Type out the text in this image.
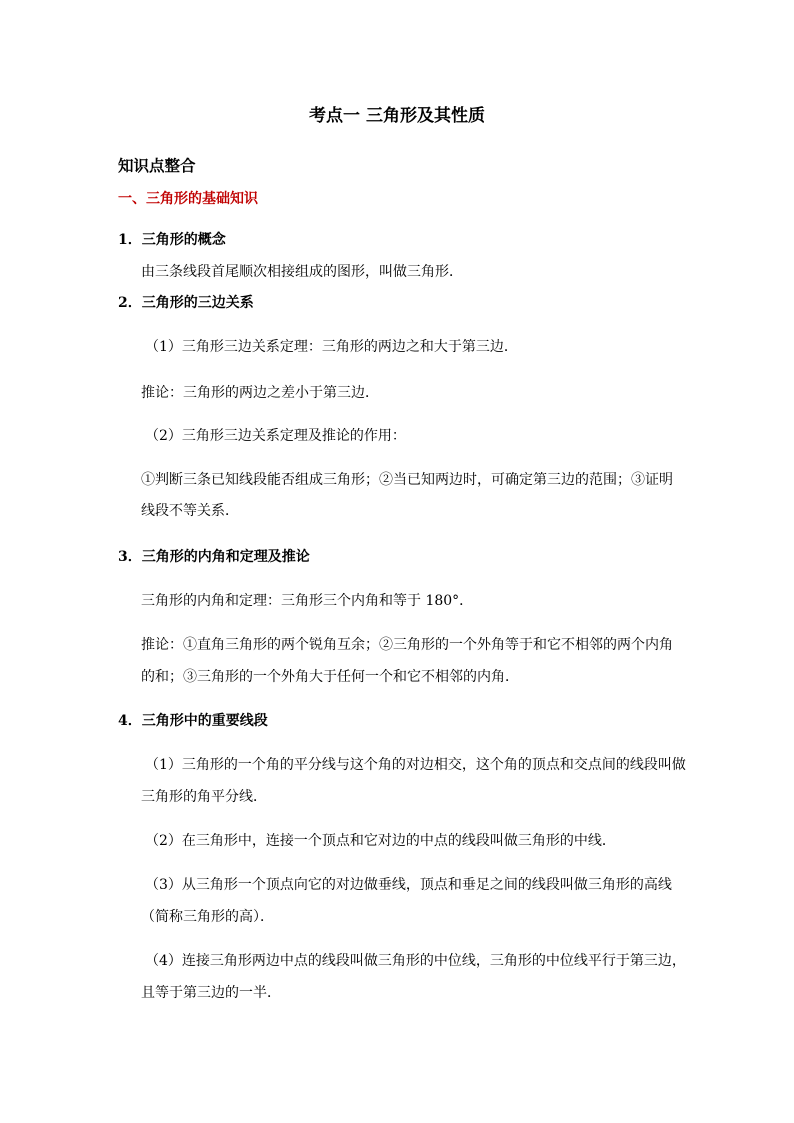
考点一 三角形及其性质
知识点整合
一、三角形的基础知识
1．三角形的概念
由三条线段首尾顺次相接组成的图形，叫做三角形．
2．三角形的三边关系
（1）三角形三边关系定理：三角形的两边之和大于第三边．
推论：三角形的两边之差小于第三边．
（2）三角形三边关系定理及推论的作用：
①判断三条已知线段能否组成三角形；②当已知两边时，可确定第三边的范围；③证明
线段不等关系．
3．三角形的内角和定理及推论
三角形的内角和定理：三角形三个内角和等于 180°．
推论：①直角三角形的两个锐角互余；②三角形的一个外角等于和它不相邻的两个内角
的和；③三角形的一个外角大于任何一个和它不相邻的内角．
4．三角形中的重要线段
（1）三角形的一个角的平分线与这个角的对边相交，这个角的顶点和交点间的线段叫做
三角形的角平分线．
（2）在三角形中，连接一个顶点和它对边的中点的线段叫做三角形的中线．
（3）从三角形一个顶点向它的对边做垂线，顶点和垂足之间的线段叫做三角形的高线
（简称三角形的高）．
（4）连接三角形两边中点的线段叫做三角形的中位线，三角形的中位线平行于第三边，
且等于第三边的一半．
